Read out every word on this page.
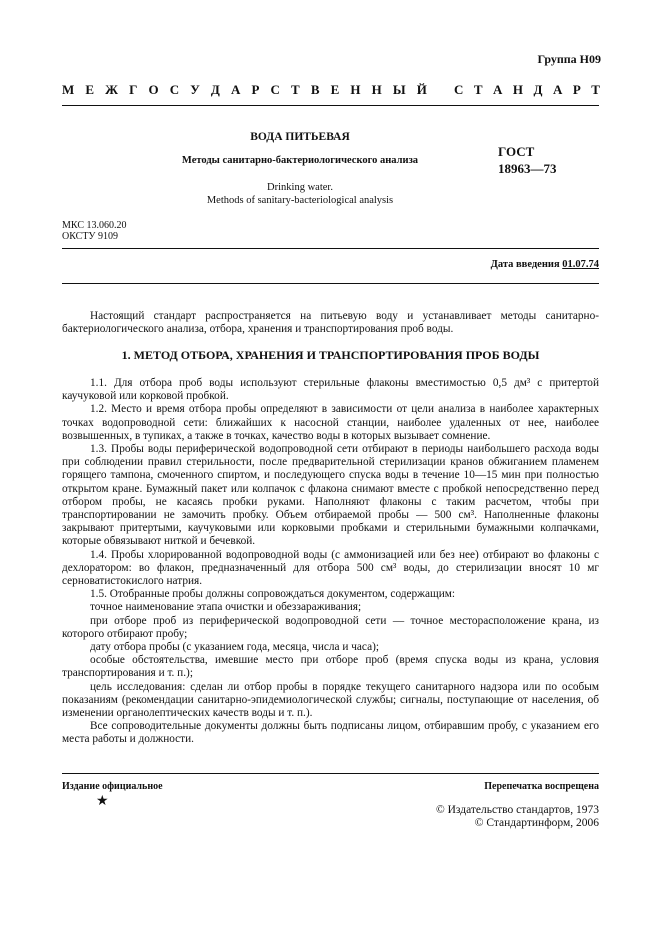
Группа Н09
М Е Ж Г О С У Д А Р С Т В Е Н Н Ы Й С Т А Н Д А Р Т
ВОДА ПИТЬЕВАЯ
Методы санитарно-бактериологического анализа
Drinking water.
Methods of sanitary-bacteriological analysis
ГОСТ
18963—73
МКС 13.060.20
ОКСТУ 9109
Дата введения 01.07.74

Настоящий стандарт распространяется на питьевую воду и устанавливает методы санитарно-бактериологического анализа, отбора, хранения и транспортирования проб воды.

1. МЕТОД ОТБОРА, ХРАНЕНИЯ И ТРАНСПОРТИРОВАНИЯ ПРОБ ВОДЫ

1.1. Для отбора проб воды используют стерильные флаконы вместимостью 0,5 дм³ с притертой каучуковой или корковой пробкой.

1.2. Место и время отбора пробы определяют в зависимости от цели анализа в наиболее характерных точках водопроводной сети: ближайших к насосной станции, наиболее удаленных от нее, наиболее возвышенных, в тупиках, а также в точках, качество воды в которых вызывает сомнение.

1.3. Пробы воды периферической водопроводной сети отбирают в периоды наибольшего расхода воды при соблюдении правил стерильности, после предварительной стерилизации кранов обжиганием пламенем горящего тампона, смоченного спиртом, и последующего спуска воды в течение 10—15 мин при полностью открытом кране. Бумажный пакет или колпачок с флакона снимают вместе с пробкой непосредственно перед отбором пробы, не касаясь пробки руками. Наполняют флаконы с таким расчетом, чтобы при транспортировании не замочить пробку. Объем отбираемой пробы — 500 см³. Наполненные флаконы закрывают притертыми, каучуковыми или корковыми пробками и стерильными бумажными колпачками, которые обвязывают ниткой и бечевкой.

1.4. Пробы хлорированной водопроводной воды (с аммонизацией или без нее) отбирают во флаконы с дехлоратором: во флакон, предназначенный для отбора 500 см³ воды, до стерилизации вносят 10 мг серноватистокислого натрия.

1.5. Отобранные пробы должны сопровождаться документом, содержащим:

точное наименование этапа очистки и обеззараживания;

при отборе проб из периферической водопроводной сети — точное месторасположение крана, из которого отбирают пробу;

дату отбора пробы (с указанием года, месяца, числа и часа);

особые обстоятельства, имевшие место при отборе проб (время спуска воды из крана, условия транспортирования и т. п.);

цель исследования: сделан ли отбор пробы в порядке текущего санитарного надзора или по особым показаниям (рекомендации санитарно-эпидемиологической службы; сигналы, поступающие от населения, об изменении органолептических качеств воды и т. п.).

Все сопроводительные документы должны быть подписаны лицом, отбиравшим пробу, с указанием его места работы и должности.

Издание официальное	Перепечатка воспрещена
★
© Издательство стандартов, 1973
© Стандартинформ, 2006
